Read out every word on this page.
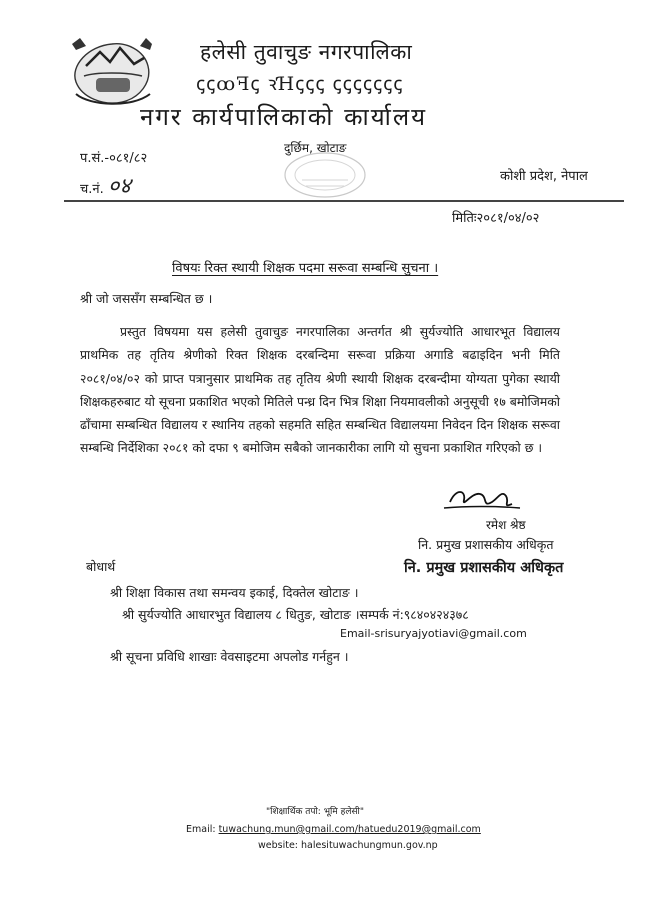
हलेसी तुवाचुङ नगरपालिका
ꞔꞔꝏꟻꞔ ꝛꞪꞔꞔꞔ ꞔꞔꞔꞔꞔꞔꞔ
नगर कार्यपालिकाको कार्यालय
दुर्छिम, खोटाङ
प.सं.-०८१/८२
च.नं. ०४	कोशी प्रदेश, नेपाल
मितिः२०८१/०४/०२
विषयः रिक्त स्थायी शिक्षक पदमा सरूवा सम्बन्धि सुचना ।
श्री जो जससँग सम्बन्धित छ ।
प्रस्तुत विषयमा यस हलेसी तुवाचुङ नगरपालिका अन्तर्गत श्री सुर्यज्योति आधारभूत विद्यालय प्राथमिक तह तृतिय श्रेणीको रिक्त शिक्षक दरबन्दिमा सरूवा प्रक्रिया अगाडि बढाइदिन भनी मिति २०८१/०४/०२ को प्राप्त पत्रानुसार प्राथमिक तह तृतिय श्रेणी स्थायी शिक्षक दरबन्दीमा योग्यता पुगेका स्थायी शिक्षकहरुबाट यो सूचना प्रकाशित भएको मितिले पन्ध्र दिन भित्र शिक्षा नियमावलीको अनुसूची १७ बमोजिमको ढाँचामा सम्बन्धित विद्यालय र स्थानिय तहको सहमति सहित सम्बन्धित विद्यालयमा निवेदन दिन शिक्षक सरूवा सम्बन्धि निर्देशिका २०८१ को दफा ९ बमोजिम सबैको जानकारीका लागि यो सुचना प्रकाशित गरिएको छ ।
रमेश श्रेष्ठ
नि. प्रमुख प्रशासकीय अधिकृत
नि. प्रमुख प्रशासकीय अधिकृत
बोधार्थ
श्री शिक्षा विकास तथा समन्वय इकाई, दिक्तेल खोटाङ ।
श्री सुर्यज्योति आधारभुत विद्यालय ८ धितुङ, खोटाङ ।सम्पर्क नं:९८४०४२४३७८
Email-srisuryajyotiavi@gmail.com
श्री सूचना प्रविधि शाखाः वेवसाइटमा अपलोड गर्नहुन ।
"शिक्षार्थिक तपो: भूमि हलेसी"
Email: tuwachung.mun@gmail.com/hatuedu2019@gmail.com
website: halesituwachungmun.gov.np
